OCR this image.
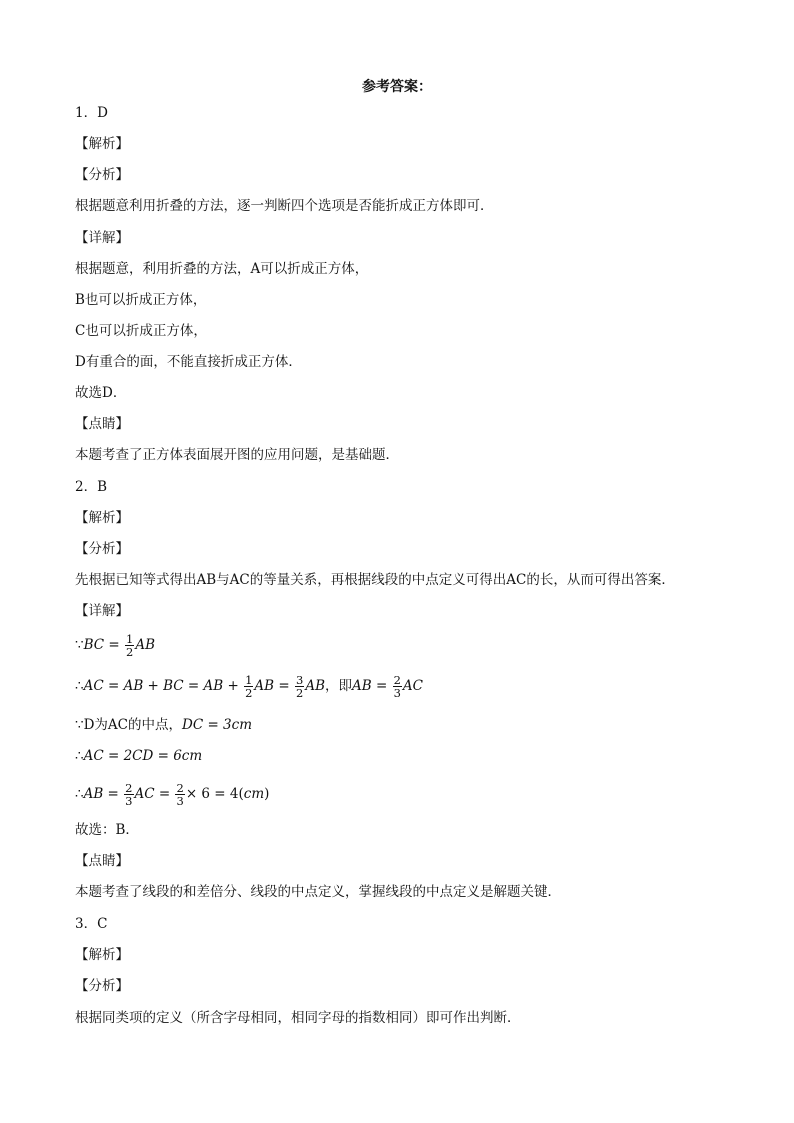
参考答案：
1．D
【解析】
【分析】
根据题意利用折叠的方法，逐一判断四个选项是否能折成正方体即可．
【详解】
根据题意，利用折叠的方法，A可以折成正方体，
B也可以折成正方体，
C也可以折成正方体，
D有重合的面，不能直接折成正方体．
故选D．
【点睛】
本题考查了正方体表面展开图的应用问题，是基础题．
2．B
【解析】
【分析】
先根据已知等式得出AB与AC的等量关系，再根据线段的中点定义可得出AC的长，从而可得出答案．
【详解】
∵BC = $\frac{1}{2}$ AB
∴AC = AB + BC = AB + $\frac{1}{2}$ AB = $\frac{3}{2}$ AB，即AB = $\frac{2}{3}$ AC
∵D为AC的中点，DC = 3cm
∴AC = 2CD = 6cm
∴AB = $\frac{2}{3}$ AC = $\frac{2}{3} \times 6 = 4(cm)$
故选：B．
【点睛】
本题考查了线段的和差倍分、线段的中点定义，掌握线段的中点定义是解题关键．
3．C
【解析】
【分析】
根据同类项的定义（所含字母相同，相同字母的指数相同）即可作出判断．
